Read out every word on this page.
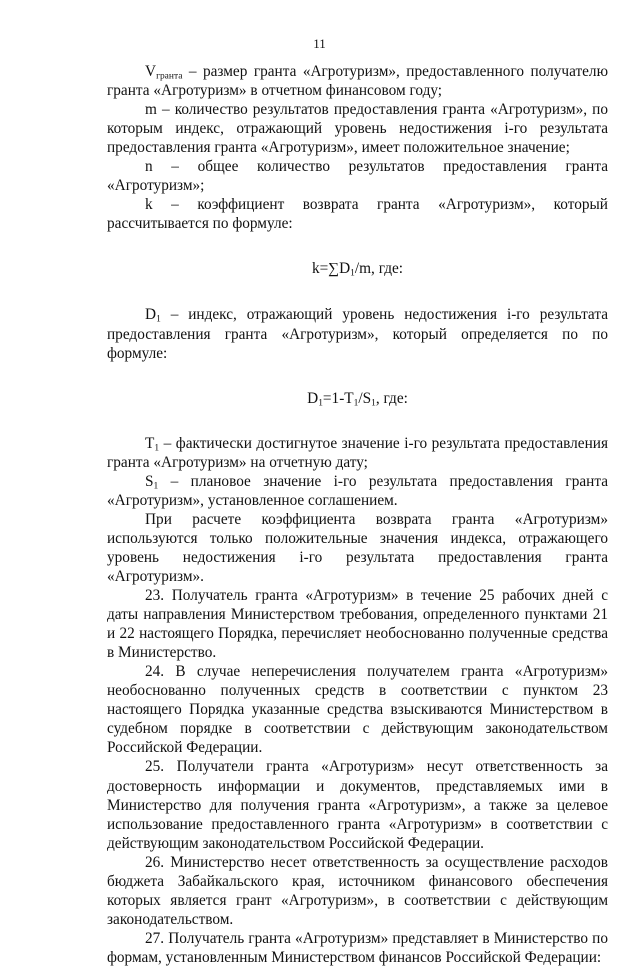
11

$V_{гранта}$ – размер гранта «Агротуризм», предоставленного получателю гранта «Агротуризм» в отчетном финансовом году;

m – количество результатов предоставления гранта «Агротуризм», по которым индекс, отражающий уровень недостижения i-го результата предоставления гранта «Агротуризм», имеет положительное значение;

n – общее количество результатов предоставления гранта «Агротуризм»;

k – коэффициент возврата гранта «Агротуризм», который рассчитывается по формуле:

$k=\sum D_1/m$, где:

$D_1$ – индекс, отражающий уровень недостижения i-го результата предоставления гранта «Агротуризм», который определяется по по формуле:

$D_1=1-T_1/S_1$, где:

$T_1$ – фактически достигнутое значение i-го результата предоставления гранта «Агротуризм» на отчетную дату;

$S_1$ – плановое значение i-го результата предоставления гранта «Агротуризм», установленное соглашением.

При расчете коэффициента возврата гранта «Агротуризм» используются только положительные значения индекса, отражающего уровень недостижения i-го результата предоставления гранта «Агротуризм».

23. Получатель гранта «Агротуризм» в течение 25 рабочих дней с даты направления Министерством требования, определенного пунктами 21 и 22 настоящего Порядка, перечисляет необоснованно полученные средства в Министерство.

24. В случае неперечисления получателем гранта «Агротуризм» необоснованно полученных средств в соответствии с пунктом 23 настоящего Порядка указанные средства взыскиваются Министерством в судебном порядке в соответствии с действующим законодательством Российской Федерации.

25. Получатели гранта «Агротуризм» несут ответственность за достоверность информации и документов, представляемых ими в Министерство для получения гранта «Агротуризм», а также за целевое использование предоставленного гранта «Агротуризм» в соответствии с действующим законодательством Российской Федерации.

26. Министерство несет ответственность за осуществление расходов бюджета Забайкальского края, источником финансового обеспечения которых является грант «Агротуризм», в соответствии с действующим законодательством.

27. Получатель гранта «Агротуризм» представляет в Министерство по формам, установленным Министерством финансов Российской Федерации:
